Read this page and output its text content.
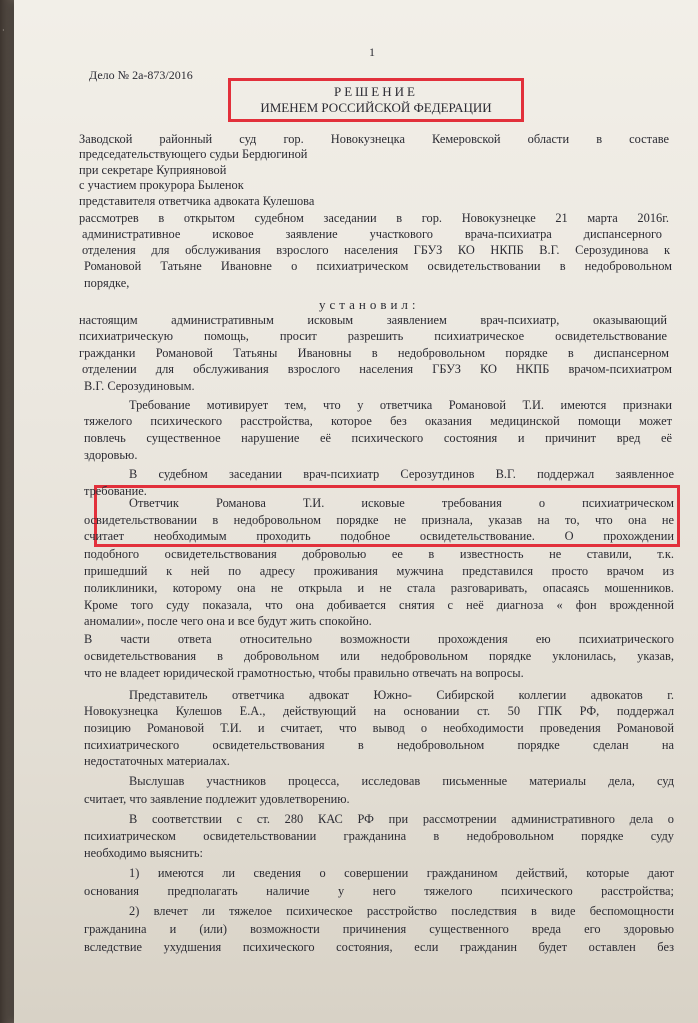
·
1
Дело № 2а-873/2016
РЕШЕНИЕ
ИМЕНЕМ РОССИЙСКОЙ ФЕДЕРАЦИИ
Заводской районный суд гор. Новокузнецка Кемеровской области в составе
председательствующего судьи Бердюгиной
при секретаре Куприяновой
с участием прокурора Быленок
представителя ответчика адвоката Кулешова
рассмотрев в открытом судебном заседании в гор. Новокузнецке 21 марта 2016г.
административное исковое заявление участкового врача-психиатра диспансерного
отделения для обслуживания взрослого населения ГБУЗ КО НКПБ В.Г. Серозудинова к
Романовой Татьяне Ивановне о психиатрическом освидетельствовании в недобровольном
порядке,
установил:
настоящим административным исковым заявлением врач-психиатр, оказывающий
психиатрическую помощь, просит разрешить психиатрическое освидетельствование
гражданки Романовой Татьяны Ивановны в недобровольном порядке в диспансерном
отделении для обслуживания взрослого населения ГБУЗ КО НКПБ врачом-психиатром
В.Г. Серозудиновым.
Требование мотивирует тем, что у ответчика Романовой Т.И. имеются признаки
тяжелого психического расстройства, которое без оказания медицинской помощи может
повлечь существенное нарушение её психического состояния и причинит вред её
здоровью.
В судебном заседании врач-психиатр Серозутдинов В.Г. поддержал заявленное
требование.
Ответчик Романова Т.И. исковые требования о психиатрическом
освидетельствовании в недобровольном порядке не признала, указав на то, что она не
считает необходимым проходить подобное освидетельствование. О прохождении
подобного освидетельствования доброволью ее в известность не ставили, т.к.
пришедший к ней по адресу проживания мужчина представился просто врачом из
поликлиники, которому она не открыла и не стала разговаривать, опасаясь мошенников.
Кроме того суду показала, что она добивается снятия с неё диагноза « фон врожденной
аномалии», после чего она и все будут жить спокойно.
В части ответа относительно возможности прохождения ею психиатрического
освидетельствования в добровольном или недобровольном порядке уклонилась, указав,
что не владеет юридической грамотностью, чтобы правильно отвечать на вопросы.
Представитель ответчика адвокат Южно- Сибирской коллегии адвокатов г.
Новокузнецка Кулешов Е.А., действующий на основании ст. 50 ГПК РФ, поддержал
позицию Романовой Т.И. и считает, что вывод о необходимости проведения Романовой
психиатрического освидетельствования в недобровольном порядке сделан на
недостаточных материалах.
Выслушав участников процесса, исследовав письменные материалы дела, суд
считает, что заявление подлежит удовлетворению.
В соответствии с ст. 280 КАС РФ при рассмотрении административного дела о
психиатрическом освидетельствовании гражданина в недобровольном порядке суду
необходимо выяснить:
1) имеются ли сведения о совершении гражданином действий, которые дают
основания предполагать наличие у него тяжелого психического расстройства;
2) влечет ли тяжелое психическое расстройство последствия в виде беспомощности
гражданина и (или) возможности причинения существенного вреда его здоровью
вследствие ухудшения психического состояния, если гражданин будет оставлен без
